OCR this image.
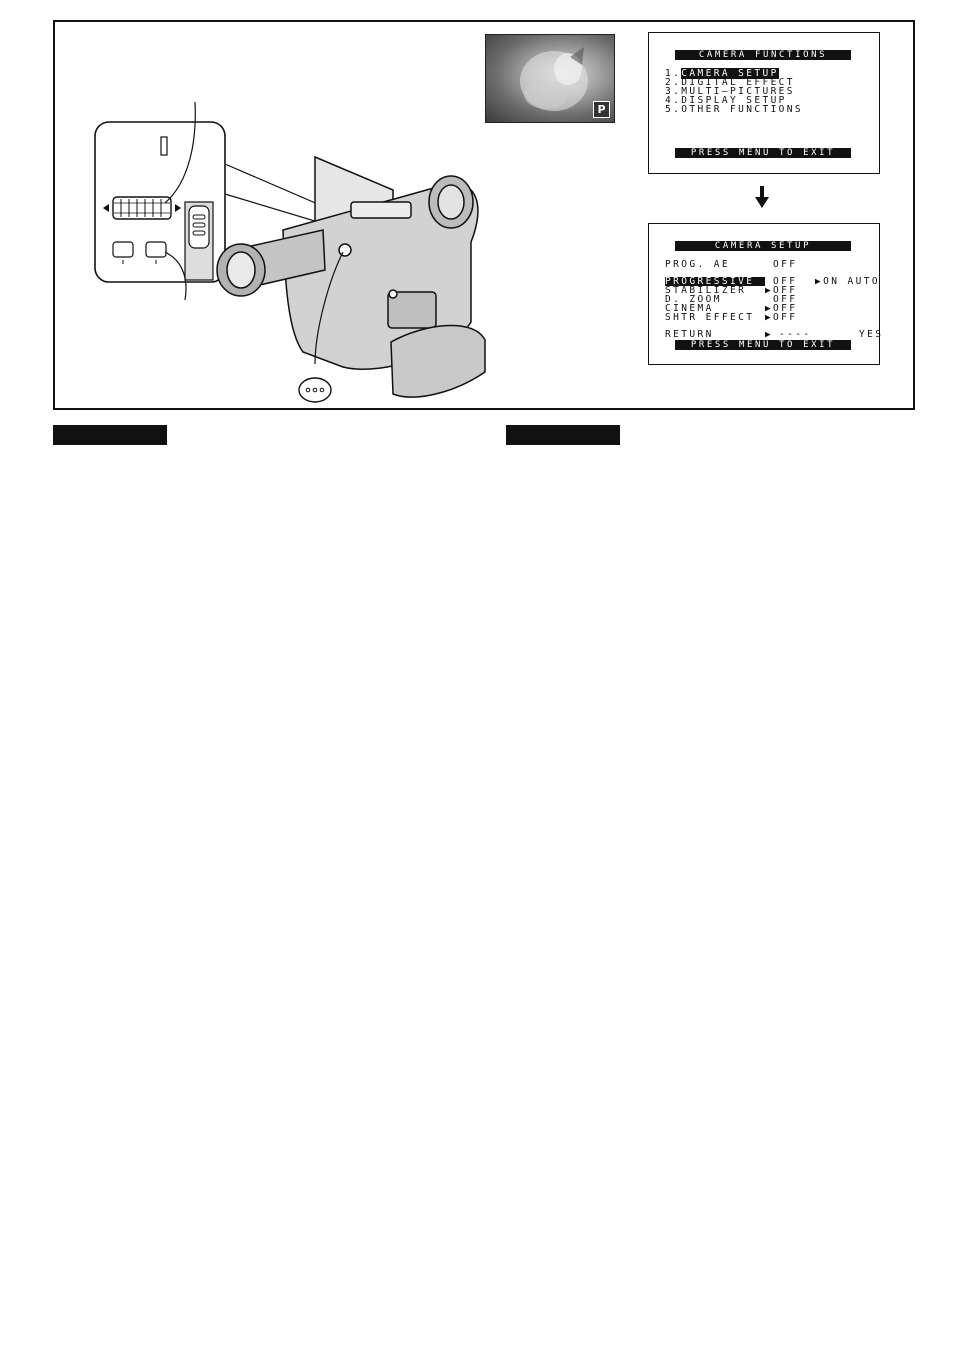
P
CAMERA FUNCTIONS
1.CAMERA SETUP
2.DIGITAL EFFECT
3.MULTI—PICTURES
4.DISPLAY SETUP
5.OTHER FUNCTIONS
PRESS MENU TO EXIT
CAMERA SETUP
PROG. AE	OFF
PROGRESSIVE OFF ▶ON AUTO
STABILIZER ▶OFF
D. ZOOM	OFF
CINEMA	▶OFF
SHTR EFFECT ▶OFF
RETURN	▶ ----	YES
PRESS MENU TO EXIT
